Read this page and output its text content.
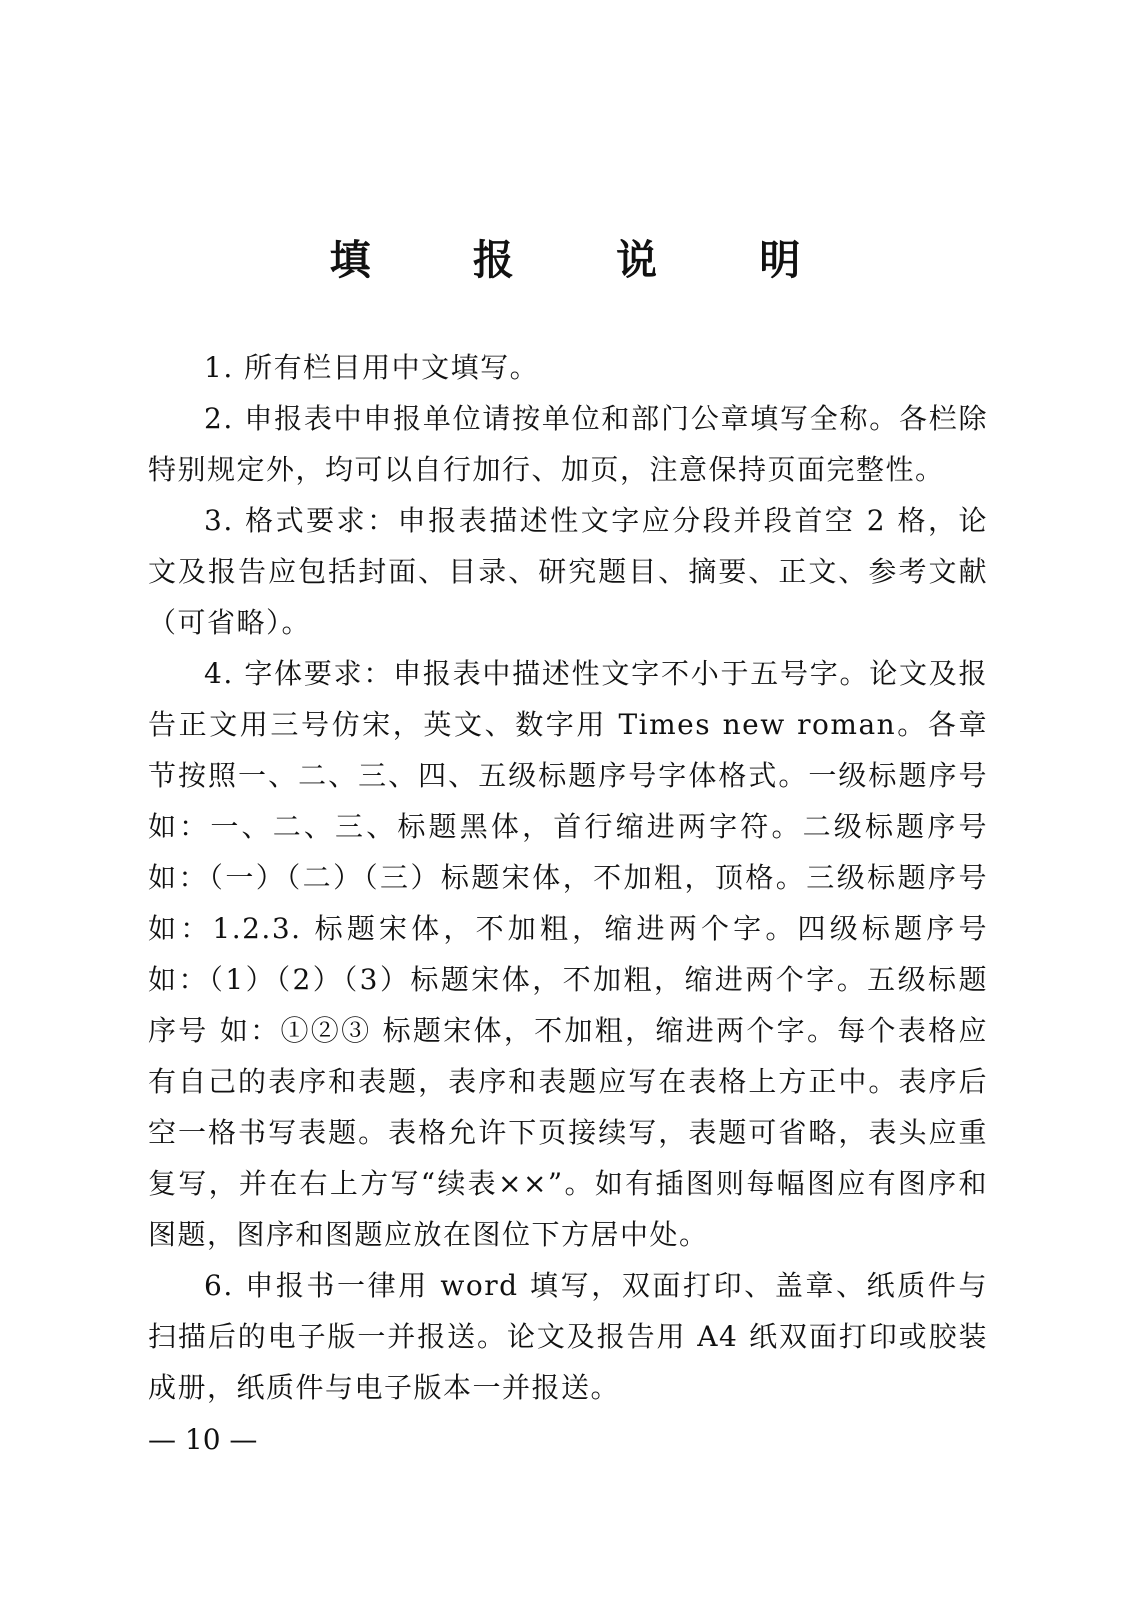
填 报 说 明

1. 所有栏目用中文填写。

2. 申报表中申报单位请按单位和部门公章填写全称。各栏除特别规定外，均可以自行加行、加页，注意保持页面完整性。

3. 格式要求：申报表描述性文字应分段并段首空 2 格，论文及报告应包括封面、目录、研究题目、摘要、正文、参考文献（可省略）。

4. 字体要求：申报表中描述性文字不小于五号字。论文及报告正文用三号仿宋，英文、数字用 Times new roman。各章节按照一、二、三、四、五级标题序号字体格式。一级标题序号 如：一、二、三、标题黑体，首行缩进两字符。二级标题序号 如：（一）（二）（三）标题宋体，不加粗，顶格。三级标题序号 如：1.2.3. 标题宋体，不加粗，缩进两个字。四级标题序号 如：（1）（2）（3）标题宋体，不加粗，缩进两个字。五级标题序号 如：①②③ 标题宋体，不加粗，缩进两个字。每个表格应有自己的表序和表题，表序和表题应写在表格上方正中。表序后空一格书写表题。表格允许下页接续写，表题可省略，表头应重复写，并在右上方写“续表××”。如有插图则每幅图应有图序和图题，图序和图题应放在图位下方居中处。

6. 申报书一律用 word 填写，双面打印、盖章、纸质件与扫描后的电子版一并报送。论文及报告用 A4 纸双面打印或胶装成册，纸质件与电子版本一并报送。

— 10 —
